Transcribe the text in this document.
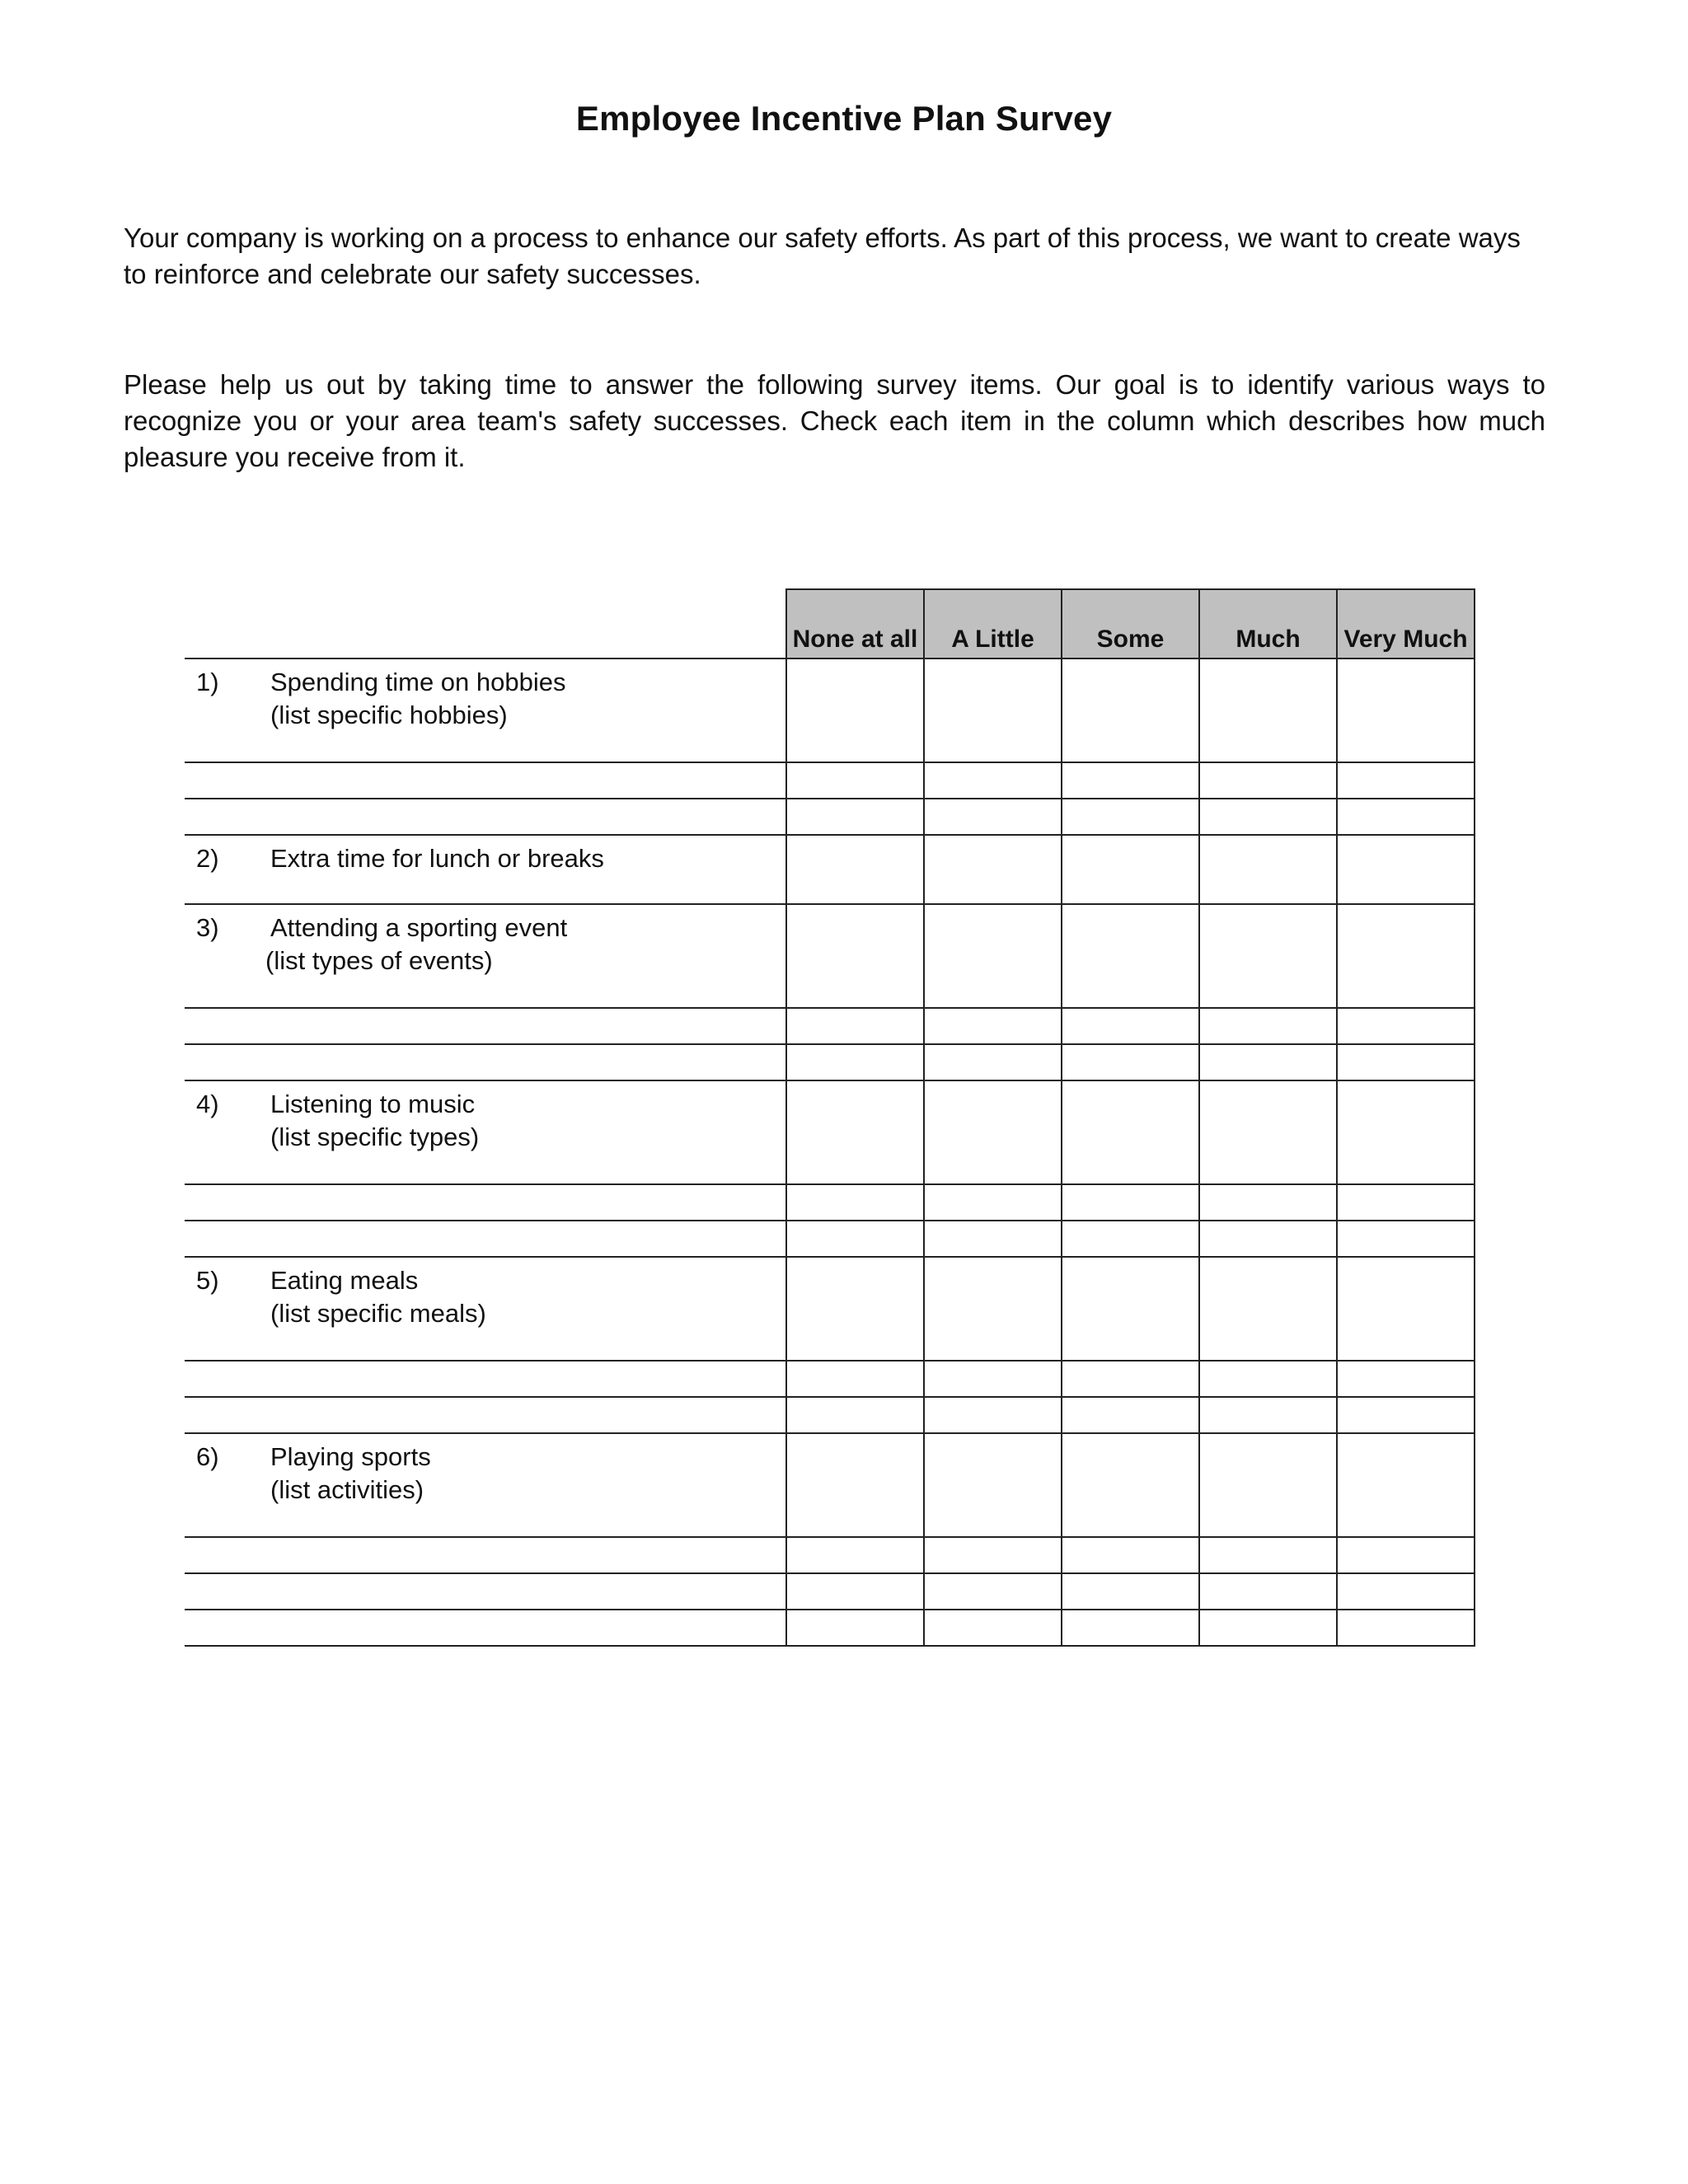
Employee Incentive Plan Survey

Your company is working on a process to enhance our safety efforts. As part of this process, we want to create ways to reinforce and celebrate our safety successes.

Please help us out by taking time to answer the following survey items. Our goal is to identify various ways to recognize you or your area team's safety successes. Check each item in the column which describes how much pleasure you receive from it.

	None at all	A Little	Some	Much	Very Much

1) Spending time on hobbies
(list specific hobbies)					

2) Extra time for lunch or breaks					

3) Attending a sporting event
(list types of events)					

4) Listening to music
(list specific types)					

5) Eating meals
(list specific meals)					

6) Playing sports
(list activities)					
